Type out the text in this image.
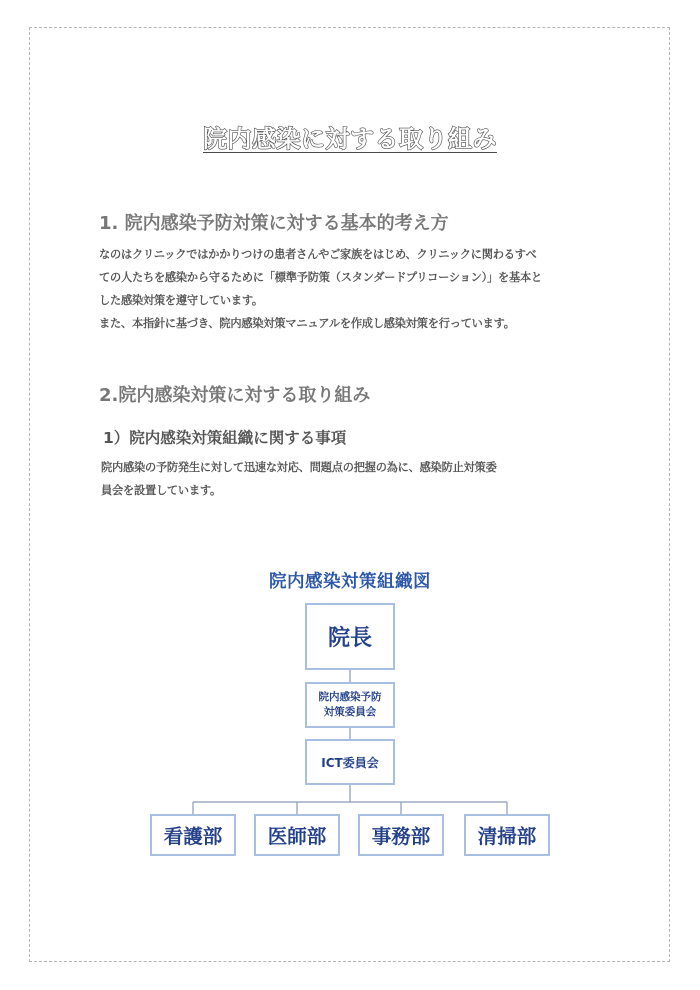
院内感染に対する取り組み
1. 院内感染予防対策に対する基本的考え方
なのはクリニックではかかりつけの患者さんやご家族をはじめ、クリニックに関わるすべ
ての人たちを感染から守るために「標準予防策（スタンダードプリコーション）」を基本と
した感染対策を遵守しています。
また、本指針に基づき、院内感染対策マニュアルを作成し感染対策を行っています。
2.院内感染対策に対する取り組み
1）院内感染対策組織に関する事項
院内感染の予防発生に対して迅速な対応、問題点の把握の為に、感染防止対策委
員会を設置しています。
院内感染対策組織図
院長
院内感染予防
対策委員会
ICT委員会
看護部 医師部 事務部 清掃部
